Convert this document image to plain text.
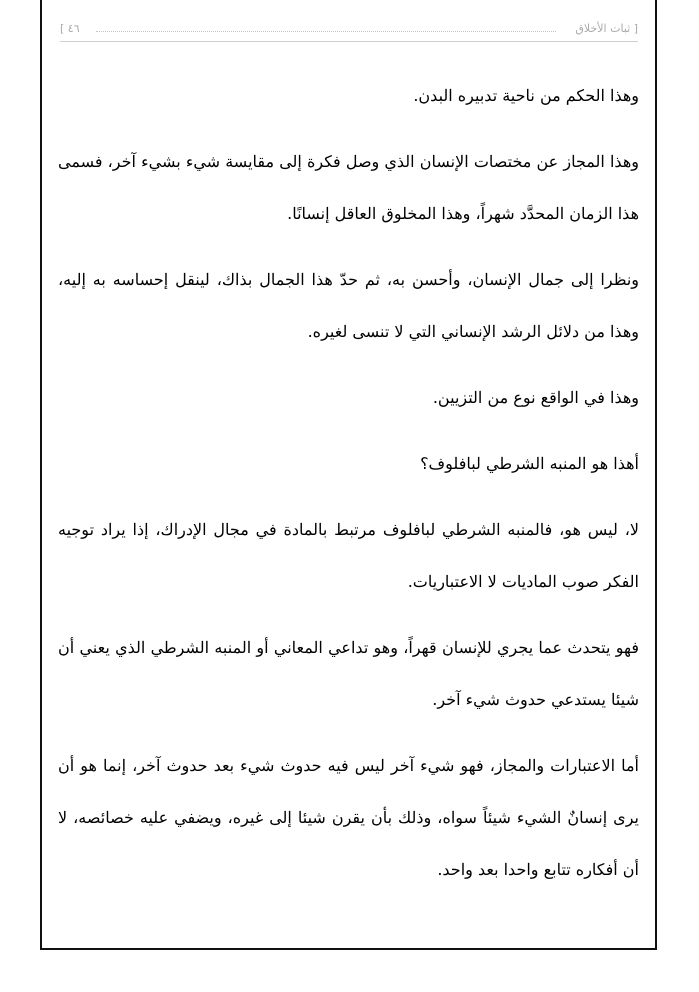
[ ثبات الأخلاق
٤٦ ]

وهذا الحكم من ناحية تدبيره البدن.

وهذا المجاز عن مختصات الإنسان الذي وصل فكرة إلى مقايسة شيء بشيء آخر، فسمى هذا الزمان المحدَّد شهراً، وهذا المخلوق العاقل إنسانًا.

ونظرا إلى جمال الإنسان، وأحسن به، ثم حدّ هذا الجمال بذاك، لينقل إحساسه به إليه، وهذا من دلائل الرشد الإنساني التي لا تنسى لغيره.

وهذا في الواقع نوع من التزيين.

أهذا هو المنبه الشرطي لبافلوف؟

لا، ليس هو، فالمنبه الشرطي لبافلوف مرتبط بالمادة في مجال الإدراك، إذا يراد توجيه الفكر صوب الماديات لا الاعتباريات.

فهو يتحدث عما يجري للإنسان قهراً، وهو تداعي المعاني أو المنبه الشرطي الذي يعني أن شيئا يستدعي حدوث شيء آخر.

أما الاعتبارات والمجاز، فهو شيء آخر ليس فيه حدوث شيء بعد حدوث آخر، إنما هو أن يرى إنسانٌ الشيء شيئاً سواه، وذلك بأن يقرن شيئا إلى غيره، ويضفي عليه خصائصه، لا أن أفكاره تتابع واحدا بعد واحد.
